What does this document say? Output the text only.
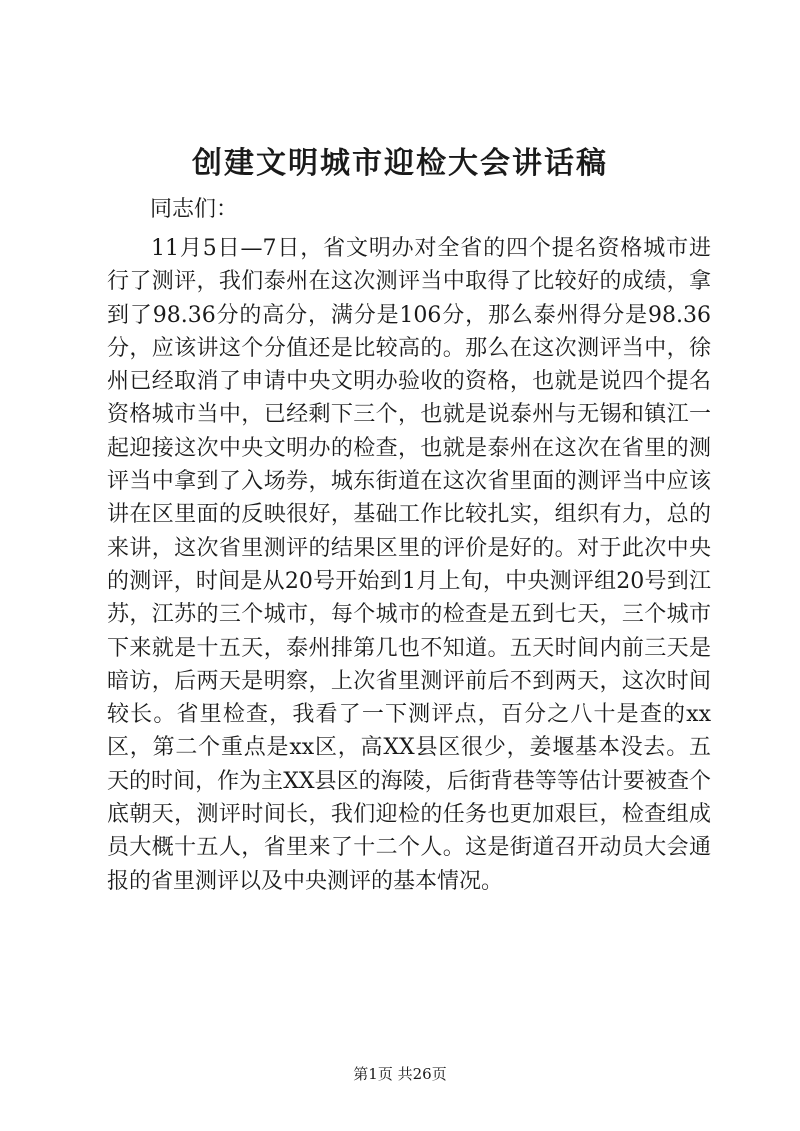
创建文明城市迎检大会讲话稿
同志们：

11月5日—7日，省文明办对全省的四个提名资格城市进行了测评，我们泰州在这次测评当中取得了比较好的成绩，拿到了98.36分的高分，满分是106分，那么泰州得分是98.36分，应该讲这个分值还是比较高的。那么在这次测评当中，徐州已经取消了申请中央文明办验收的资格，也就是说四个提名资格城市当中，已经剩下三个，也就是说泰州与无锡和镇江一起迎接这次中央文明办的检查，也就是泰州在这次在省里的测评当中拿到了入场券，城东街道在这次省里面的测评当中应该讲在区里面的反映很好，基础工作比较扎实，组织有力，总的来讲，这次省里测评的结果区里的评价是好的。对于此次中央的测评，时间是从20号开始到1月上旬，中央测评组20号到江苏，江苏的三个城市，每个城市的检查是五到七天，三个城市下来就是十五天，泰州排第几也不知道。五天时间内前三天是暗访，后两天是明察，上次省里测评前后不到两天，这次时间较长。省里检查，我看了一下测评点，百分之八十是查的xx区，第二个重点是xx区，高XX县区很少，姜堰基本没去。五天的时间，作为主XX县区的海陵，后街背巷等等估计要被查个底朝天，测评时间长，我们迎检的任务也更加艰巨，检查组成员大概十五人，省里来了十二个人。这是街道召开动员大会通报的省里测评以及中央测评的基本情况。

第1页 共26页
